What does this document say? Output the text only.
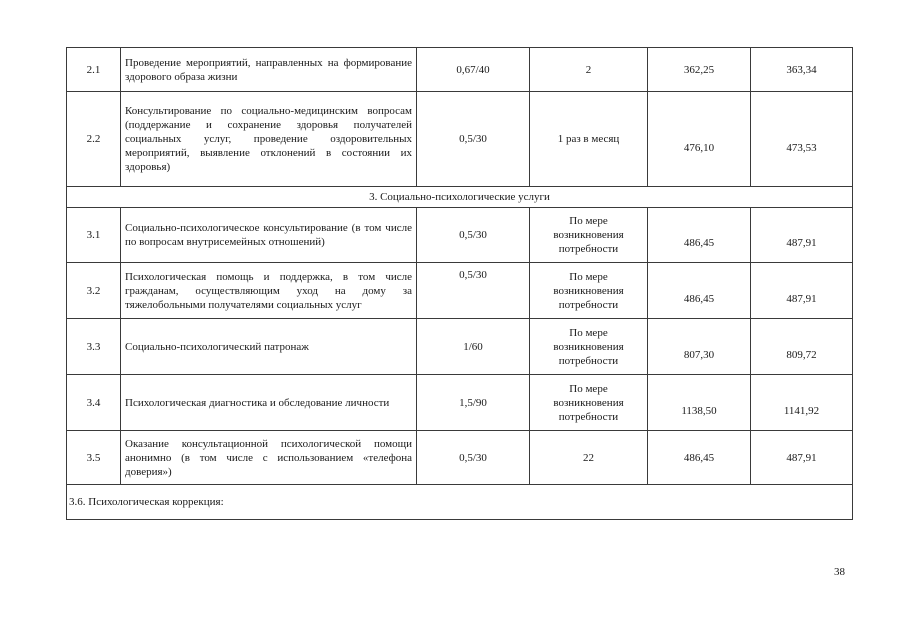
2.1	Проведение мероприятий, направленных на формирование здорового образа жизни	0,67/40	2	362,25	363,34
2.2	Консультирование по социально-медицинским вопросам (поддержание и сохранение здоровья получателей социальных услуг, проведение оздоровительных мероприятий, выявление отклонений в состоянии их здоровья)	0,5/30	1 раз в месяц	476,10	473,53
3. Социально-психологические услуги					
3.1	Социально-психологическое консультирование (в том числе по вопросам внутрисемейных отношений)	0,5/30	По мере возникновения потребности	486,45	487,91
3.2	Психологическая помощь и поддержка, в том числе гражданам, осуществляющим уход на дому за тяжелобольными получателями социальных услуг	0,5/30	По мере возникновения потребности	486,45	487,91
3.3	Социально-психологический патронаж	1/60	По мере возникновения потребности	807,30	809,72
3.4	Психологическая диагностика и обследование личности	1,5/90	По мере возникновения потребности	1138,50	1141,92
3.5	Оказание консультационной психологической помощи анонимно (в том числе с использованием «телефона доверия»)	0,5/30	22	486,45	487,91
3.6. Психологическая коррекция:					
38
